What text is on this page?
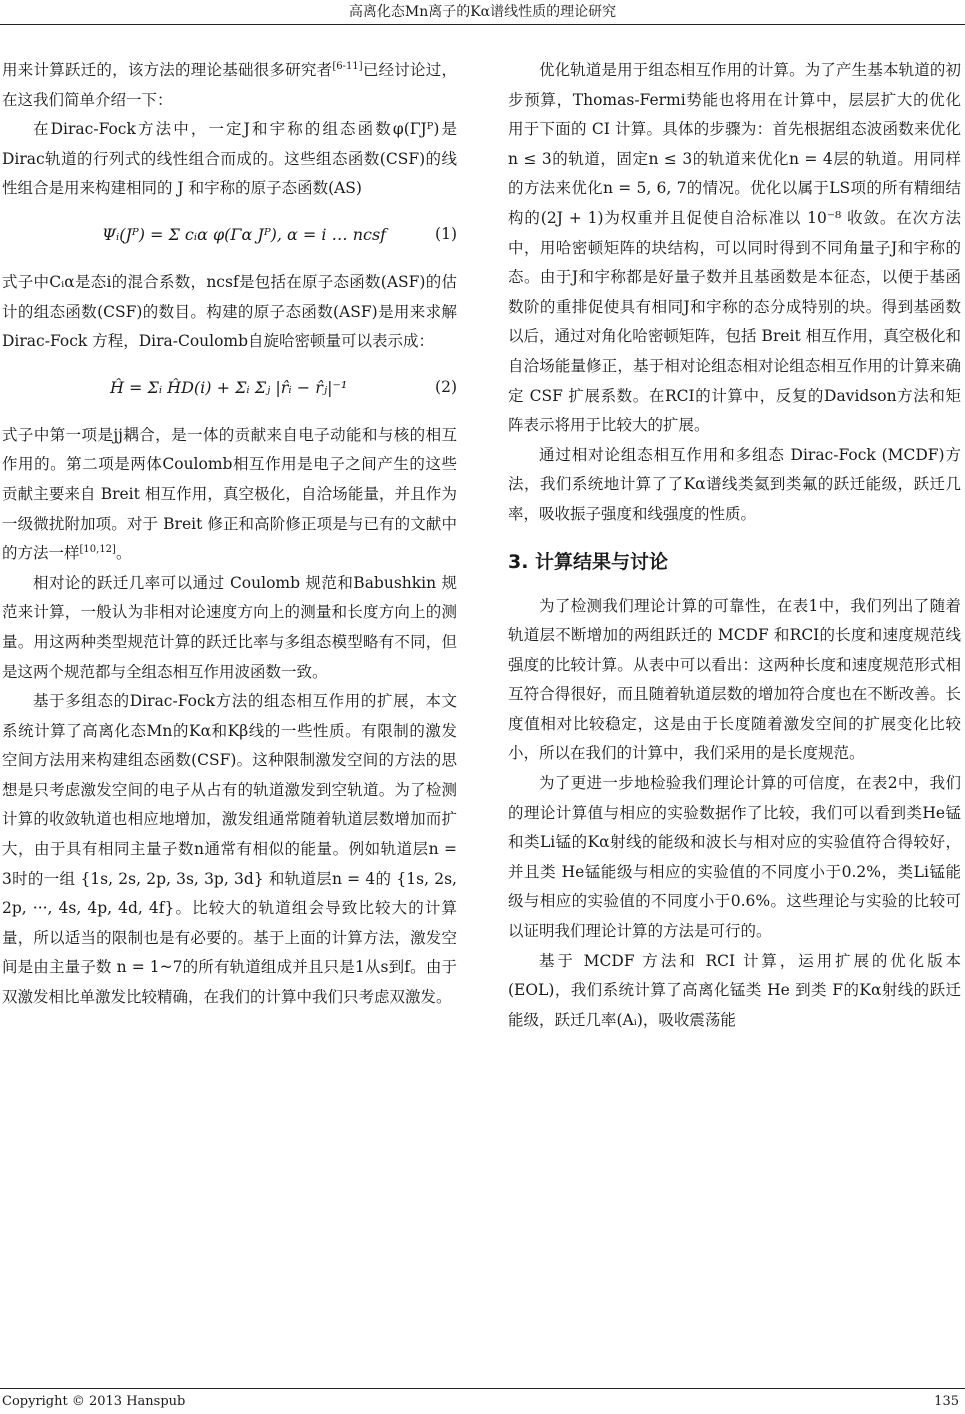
高离化态Mn离子的Kα谱线性质的理论研究

用来计算跃迁的，该方法的理论基础很多研究者[6-11]已经讨论过，在这我们简单介绍一下：

在Dirac-Fock方法中，一定J和宇称的组态函数φ(ΓJᴾ)是Dirac轨道的行列式的线性组合而成的。这些组态函数(CSF)的线性组合是用来构建相同的 J 和宇称的原子态函数(AS)

Ψᵢ(Jᴾ) = Σ cᵢα φ(Γα Jᴾ), α = i … ncsf	(1)

式子中Cᵢα是态i的混合系数，ncsf是包括在原子态函数(ASF)的估计的组态函数(CSF)的数目。构建的原子态函数(ASF)是用来求解 Dirac-Fock 方程，Dira-Coulomb自旋哈密顿量可以表示成：

Ĥ = Σᵢ ĤD(i) + Σᵢ Σⱼ |r̂ᵢ − r̂ⱼ|⁻¹	(2)

式子中第一项是jj耦合，是一体的贡献来自电子动能和与核的相互作用的。第二项是两体Coulomb相互作用是电子之间产生的这些贡献主要来自 Breit 相互作用，真空极化，自洽场能量，并且作为一级微扰附加项。对于 Breit 修正和高阶修正项是与已有的文献中的方法一样[10,12]。

相对论的跃迁几率可以通过 Coulomb 规范和Babushkin 规范来计算，一般认为非相对论速度方向上的测量和长度方向上的测量。用这两种类型规范计算的跃迁比率与多组态模型略有不同，但是这两个规范都与全组态相互作用波函数一致。

基于多组态的Dirac-Fock方法的组态相互作用的扩展，本文系统计算了高离化态Mn的Kα和Kβ线的一些性质。有限制的激发空间方法用来构建组态函数(CSF)。这种限制激发空间的方法的思想是只考虑激发空间的电子从占有的轨道激发到空轨道。为了检测计算的收敛轨道也相应地增加，激发组通常随着轨道层数增加而扩大，由于具有相同主量子数n通常有相似的能量。例如轨道层n = 3时的一组 {1s, 2s, 2p, 3s, 3p, 3d} 和轨道层n = 4的 {1s, 2s, 2p, ···, 4s, 4p, 4d, 4f}。比较大的轨道组会导致比较大的计算量，所以适当的限制也是有必要的。基于上面的计算方法，激发空间是由主量子数 n = 1~7的所有轨道组成并且只是1从s到f。由于双激发相比单激发比较精确，在我们的计算中我们只考虑双激发。

优化轨道是用于组态相互作用的计算。为了产生基本轨道的初步预算，Thomas-Fermi势能也将用在计算中，层层扩大的优化用于下面的 CI 计算。具体的步骤为：首先根据组态波函数来优化n ≤ 3的轨道，固定n ≤ 3的轨道来优化n = 4层的轨道。用同样的方法来优化n = 5, 6, 7的情况。优化以属于LS项的所有精细结构的(2J + 1)为权重并且促使自洽标准以 10⁻⁸ 收敛。在次方法中，用哈密顿矩阵的块结构，可以同时得到不同角量子J和宇称的态。由于J和宇称都是好量子数并且基函数是本征态，以便于基函数阶的重排促使具有相同J和宇称的态分成特别的块。得到基函数以后，通过对角化哈密顿矩阵，包括 Breit 相互作用，真空极化和自洽场能量修正，基于相对论组态相对论组态相互作用的计算来确定 CSF 扩展系数。在RCI的计算中，反复的Davidson方法和矩阵表示将用于比较大的扩展。

通过相对论组态相互作用和多组态 Dirac-Fock (MCDF)方法，我们系统地计算了了Kα谱线类氦到类氟的跃迁能级，跃迁几率，吸收振子强度和线强度的性质。

3. 计算结果与讨论

为了检测我们理论计算的可靠性，在表1中，我们列出了随着轨道层不断增加的两组跃迁的 MCDF 和RCI的长度和速度规范线强度的比较计算。从表中可以看出：这两种长度和速度规范形式相互符合得很好，而且随着轨道层数的增加符合度也在不断改善。长度值相对比较稳定，这是由于长度随着激发空间的扩展变化比较小，所以在我们的计算中，我们采用的是长度规范。

为了更进一步地检验我们理论计算的可信度，在表2中，我们的理论计算值与相应的实验数据作了比较，我们可以看到类He锰和类Li锰的Kα射线的能级和波长与相对应的实验值符合得较好，并且类 He锰能级与相应的实验值的不同度小于0.2%，类Li锰能级与相应的实验值的不同度小于0.6%。这些理论与实验的比较可以证明我们理论计算的方法是可行的。

基于 MCDF 方法和 RCI 计算，运用扩展的优化版本(EOL)，我们系统计算了高离化锰类 He 到类 F的Kα射线的跃迁能级，跃迁几率(Aᵢ)，吸收震荡能

Copyright © 2013 Hanspub	135
